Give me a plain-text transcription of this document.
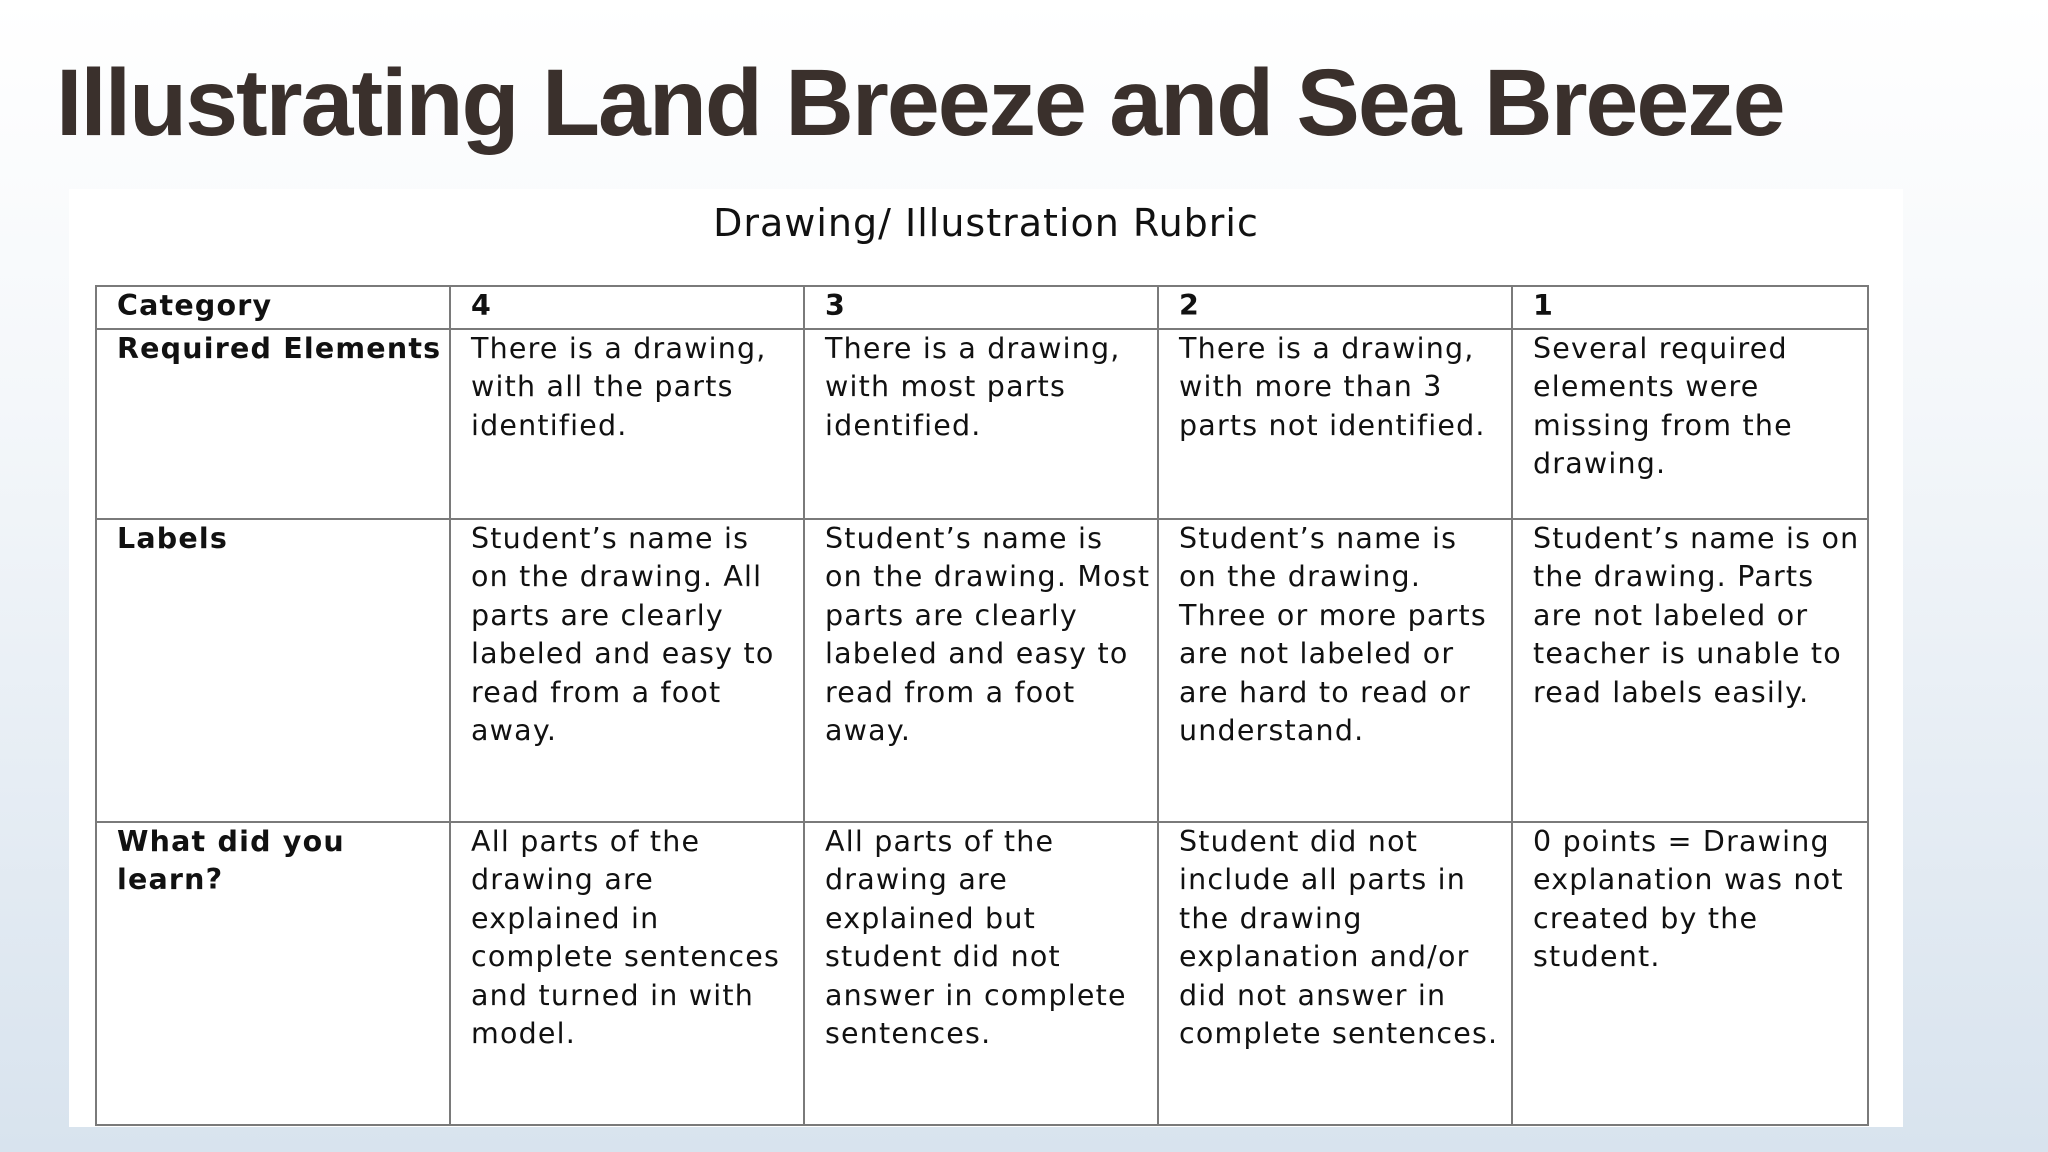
Illustrating Land Breeze and Sea Breeze

Drawing/ Illustration Rubric

Category	4	3	2	1
Required Elements	There is a drawing, with all the parts identified.	There is a drawing, with most parts identified.	There is a drawing, with more than 3 parts not identified.	Several required elements were missing from the drawing.
Labels	Student’s name is on the drawing. All parts are clearly labeled and easy to read from a foot away.	Student’s name is on the drawing. Most parts are clearly labeled and easy to read from a foot away.	Student’s name is on the drawing. Three or more parts are not labeled or are hard to read or understand.	Student’s name is on the drawing. Parts are not labeled or teacher is unable to read labels easily.
What did you learn?	All parts of the drawing are explained in complete sentences and turned in with model.	All parts of the drawing are explained but student did not answer in complete sentences.	Student did not include all parts in the drawing explanation and/or did not answer in complete sentences.	0 points = Drawing explanation was not created by the student.
